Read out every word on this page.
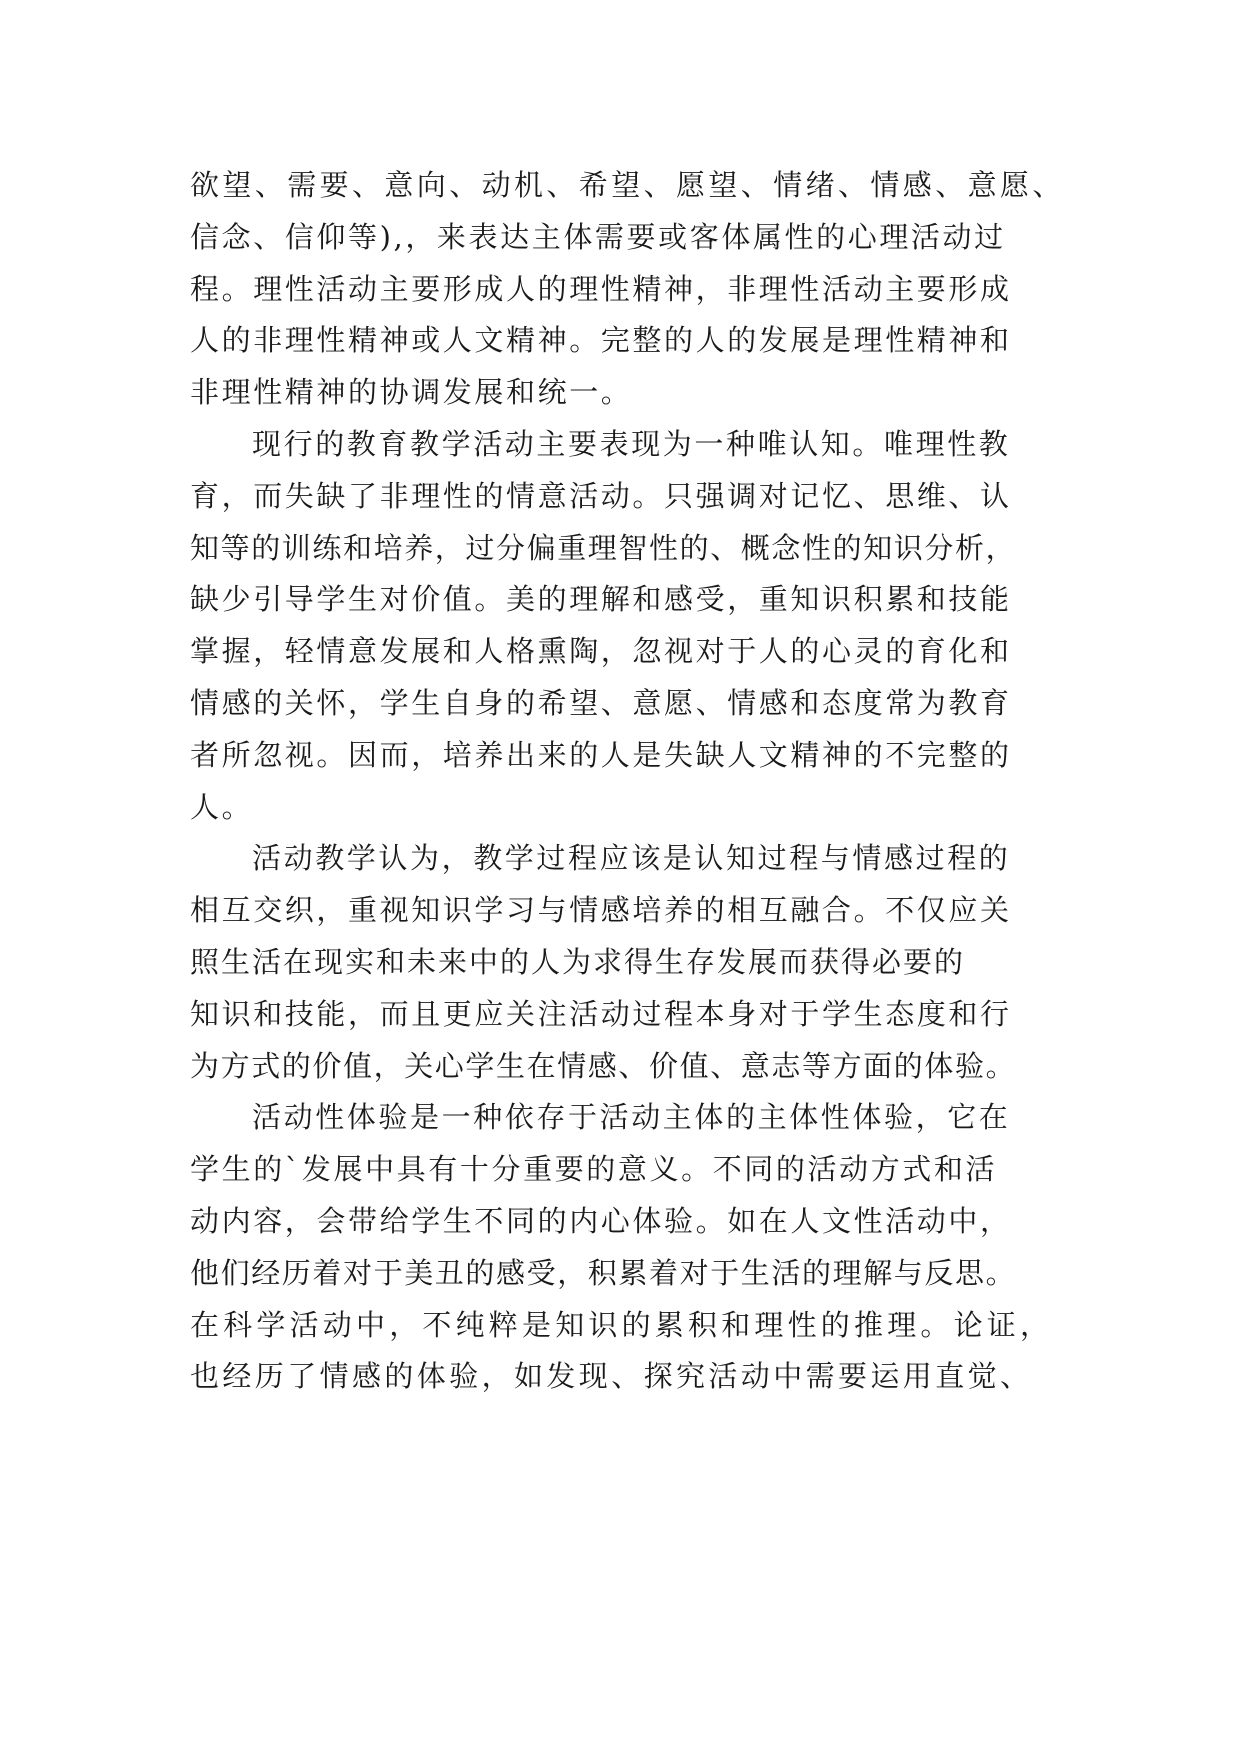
欲望、需要、意向、动机、希望、愿望、情绪、情感、意愿、
信念、信仰等),，来表达主体需要或客体属性的心理活动过
程。理性活动主要形成人的理性精神，非理性活动主要形成
人的非理性精神或人文精神。完整的人的发展是理性精神和
非理性精神的协调发展和统一。
现行的教育教学活动主要表现为一种唯认知。唯理性教
育，而失缺了非理性的情意活动。只强调对记忆、思维、认
知等的训练和培养，过分偏重理智性的、概念性的知识分析，
缺少引导学生对价值。美的理解和感受，重知识积累和技能
掌握，轻情意发展和人格熏陶，忽视对于人的心灵的育化和
情感的关怀，学生自身的希望、意愿、情感和态度常为教育
者所忽视。因而，培养出来的人是失缺人文精神的不完整的
人。
活动教学认为，教学过程应该是认知过程与情感过程的
相互交织，重视知识学习与情感培养的相互融合。不仅应关
照生活在现实和未来中的人为求得生存发展而获得必要的
知识和技能，而且更应关注活动过程本身对于学生态度和行
为方式的价值，关心学生在情感、价值、意志等方面的体验。
活动性体验是一种依存于活动主体的主体性体验，它在
学生的`发展中具有十分重要的意义。不同的活动方式和活
动内容，会带给学生不同的内心体验。如在人文性活动中，
他们经历着对于美丑的感受，积累着对于生活的理解与反思。
在科学活动中，不纯粹是知识的累积和理性的推理。论证，
也经历了情感的体验，如发现、探究活动中需要运用直觉、
